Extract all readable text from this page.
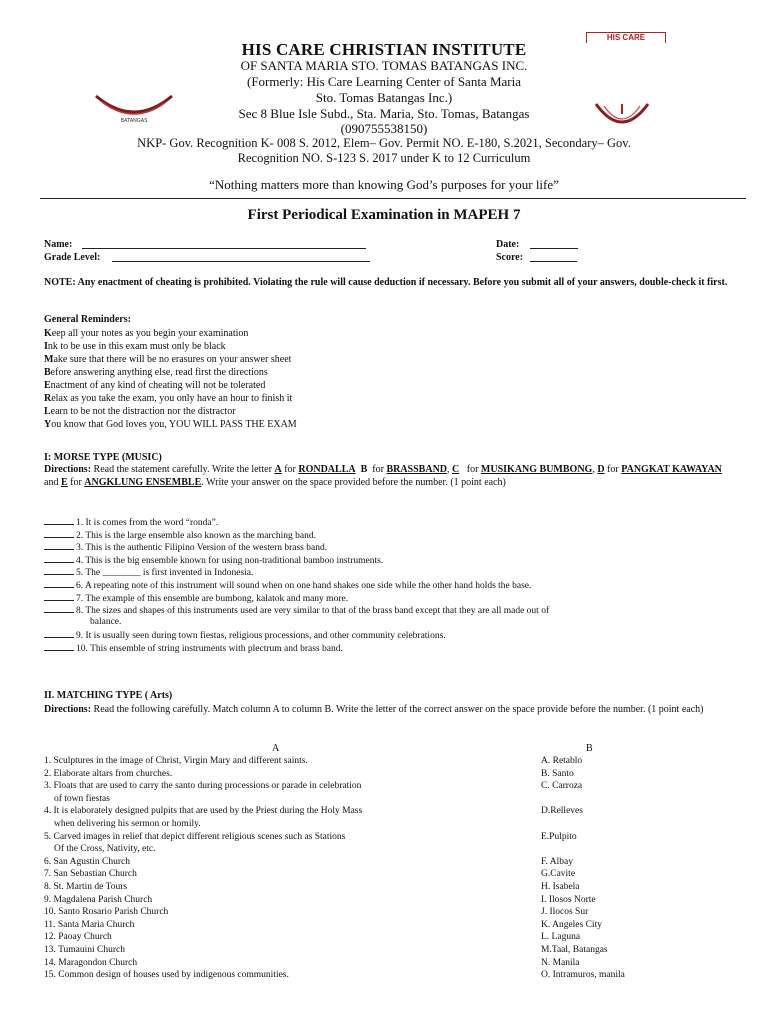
BATANGAS
HIS CARE
HIS CARE CHRISTIAN INSTITUTE
OF SANTA MARIA STO. TOMAS BATANGAS INC.
(Formerly: His Care Learning Center of Santa Maria
Sto. Tomas Batangas Inc.)
Sec 8 Blue Isle Subd., Sta. Maria, Sto. Tomas, Batangas
(090755538150)
NKP- Gov. Recognition K- 008 S. 2012, Elem– Gov. Permit NO. E-180, S.2021, Secondary– Gov.
Recognition NO. S-123 S. 2017 under K to 12 Curriculum
“Nothing matters more than knowing God’s purposes for your life”
First Periodical Examination in MAPEH 7
Name:
Grade Level:
Date:
Score:
NOTE: Any enactment of cheating is prohibited. Violating the rule will cause deduction if necessary. Before you submit all of your answers, double-check it first.
General Reminders:
Keep all your notes as you begin your examination
Ink to be use in this exam must only be black
Make sure that there will be no erasures on your answer sheet
Before answering anything else, read first the directions
Enactment of any kind of cheating will not be tolerated
Relax as you take the exam, you only have an hour to finish it
Learn to be not the distraction nor the distractor
You know that God loves you, YOU WILL PASS THE EXAM
I: MORSE TYPE (MUSIC)
Directions: Read the statement carefully. Write the letter A for RONDALLA B  for BRASSBAND, C   for MUSIKANG BUMBONG, D for PANGKAT KAWAYAN and E for ANGKLUNG ENSEMBLE. Write your answer on the space provided before the number. (1 point each)
1. It is comes from the word “ronda”.
2. This is the large ensemble also known as the marching band.
3. This is the authentic Filipino Version of the western brass band.
4. This is the big ensemble known for using non-traditional bamboo instruments.
5. The ________ is first invented in Indonesia.
6. A repeating note of this instrument will sound when on one hand shakes one side while the other hand holds the base.
7. The example of this ensemble are bumbong, kalatok and many more.
8. The sizes and shapes of this instruments used are very similar to that of the brass band except that they are all made out of
balance.
9. It is usually seen during town fiestas, religious processions, and other community celebrations.
10. This ensemble of string instruments with plectrum and brass band.
II. MATCHING TYPE ( Arts)
Directions: Read the following carefully. Match column A to column B. Write the letter of the correct answer on the space provide before the number. (1 point each)
A	B
1. Sculptures in the image of Christ, Virgin Mary and different saints.
2. Elaborate altars from churches.
3. Floats that are used to carry the santo during processions or parade in celebration
of town fiestas
4. It is elaborately designed pulpits that are used by the Priest during the Holy Mass
when delivering his sermon or homily.
5. Carved images in relief that depict different religious scenes such as Stations
Of the Cross, Nativity, etc.
6. San Agustin Church
7. San Sebastian Church
8. St. Martin de Tours
9. Magdalena Parish Church
10. Santo Rosario Parish Church
11. Santa Maria Church
12. Paoay Church
13. Tumauini Church
14. Maragondon Church
15. Common design of houses used by indigenous communities.
A. Retablo
B. Santo
C. Carroza
D.Relleves
E.Pulpito
F. Albay
G.Cavite
H. Isabela
I. Ilosos Norte
J. Ilocos Sur
K. Angeles City
L. Laguna
M.Taal, Batangas
N. Manila
O. Intramuros, manila
